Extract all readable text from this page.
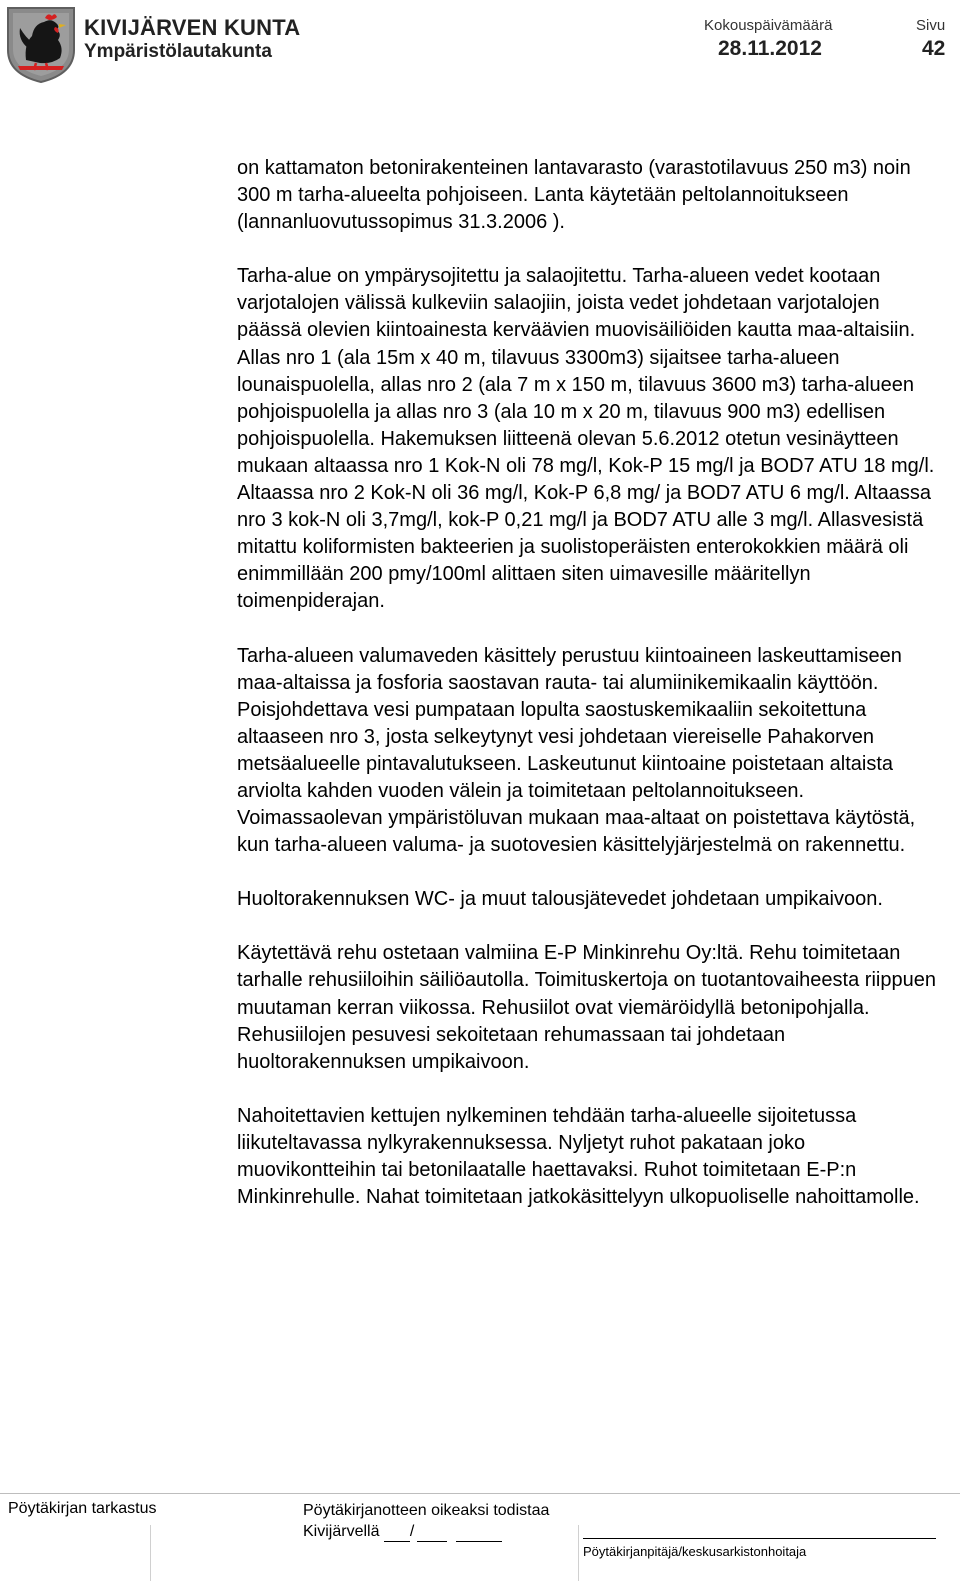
KIVIJÄRVEN KUNTA
Ympäristölautakunta
Kokouspäivämäärä
28.11.2012
Sivu
42

on kattamaton betonirakenteinen lantavarasto (varastotilavuus 250 m3) noin 300 m tarha-alueelta pohjoiseen. Lanta käytetään peltolannoitukseen (lannanluovutussopimus 31.3.2006 ).

Tarha-alue on ympärysojitettu ja salaojitettu. Tarha-alueen vedet kootaan varjotalojen välissä kulkeviin salaojiin, joista vedet johdetaan varjotalojen päässä olevien kiintoainesta kerväävien muovisäiliöiden kautta maa-altaisiin. Allas nro 1 (ala 15m x 40 m, tilavuus 3300m3) sijaitsee tarha-alueen lounaispuolella, allas nro 2 (ala 7 m x 150 m, tilavuus 3600 m3) tarha-alueen pohjoispuolella ja allas nro 3 (ala 10 m x 20 m, tilavuus 900 m3) edellisen pohjoispuolella. Hakemuksen liitteenä olevan 5.6.2012 otetun vesinäytteen mukaan altaassa nro 1 Kok-N oli 78 mg/l, Kok-P 15 mg/l ja BOD7 ATU 18 mg/l. Altaassa nro 2 Kok-N oli 36 mg/l, Kok-P 6,8 mg/ ja BOD7 ATU 6 mg/l. Altaassa nro 3 kok-N oli 3,7mg/l, kok-P 0,21 mg/l ja BOD7 ATU alle 3 mg/l. Allasvesistä mitattu koliformisten bakteerien ja suolistoperäisten enterokokkien määrä oli enimmillään 200 pmy/100ml alittaen siten uimavesille määritellyn toimenpiderajan.

Tarha-alueen valumaveden käsittely perustuu kiintoaineen laskeuttamiseen maa-altaissa ja fosforia saostavan rauta- tai alumiinikemikaalin käyttöön. Poisjohdettava vesi pumpataan lopulta saostuskemikaaliin sekoitettuna altaaseen nro 3, josta selkeytynyt vesi johdetaan viereiselle Pahakorven metsäalueelle pintavalutukseen. Laskeutunut kiintoaine poistetaan altaista arviolta kahden vuoden välein ja toimitetaan peltolannoitukseen. Voimassaolevan ympäristöluvan mukaan maa-altaat on poistettava käytöstä, kun tarha-alueen valuma- ja suotovesien käsittelyjärjestelmä on rakennettu.

Huoltorakennuksen WC- ja muut talousjätevedet johdetaan umpikaivoon.

Käytettävä rehu ostetaan valmiina E-P Minkinrehu Oy:ltä. Rehu toimitetaan tarhalle rehusiiloihin säiliöautolla. Toimituskertoja on tuotantovaiheesta riippuen muutaman kerran viikossa. Rehusiilot ovat viemäröidyllä betonipohjalla. Rehusiilojen pesuvesi sekoitetaan rehumassaan tai johdetaan huoltorakennuksen umpikaivoon.

Nahoitettavien kettujen nylkeminen tehdään tarha-alueelle sijoitetussa liikuteltavassa nylkyrakennuksessa. Nyljetyt ruhot pakataan joko muovikontteihin tai betonilaatalle haettavaksi. Ruhot toimitetaan E-P:n Minkinrehulle. Nahat toimitetaan jatkokäsittelyyn ulkopuoliselle nahoittamolle.

Pöytäkirjan tarkastus	Pöytäkirjanotteen oikeaksi todistaa
Kivijärvellä /
Pöytäkirjanpitäjä/keskusarkistonhoitaja
